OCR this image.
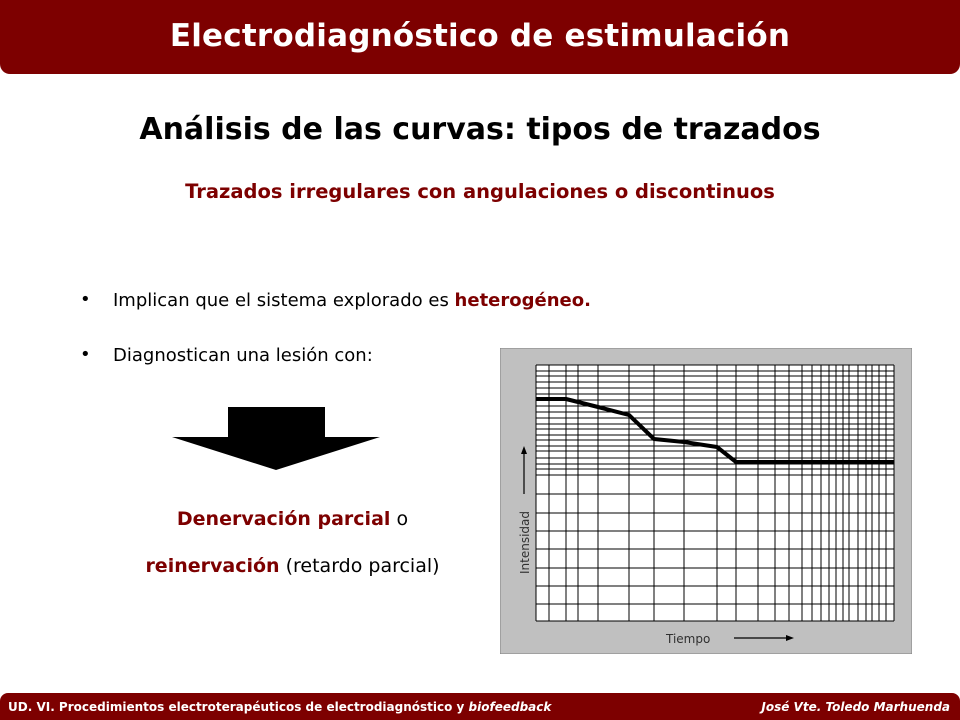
Electrodiagnóstico de estimulación
Análisis de las curvas: tipos de trazados
Trazados irregulares con angulaciones o discontinuos
• Implican que el sistema explorado es heterogéneo.
• Diagnostican una lesión con:
Denervación parcial o
reinervación (retardo parcial)	Intensidad
Tiempo
UD. VI. Procedimientos electroterapéuticos de electrodiagnóstico y biofeedback	José Vte. Toledo Marhuenda
